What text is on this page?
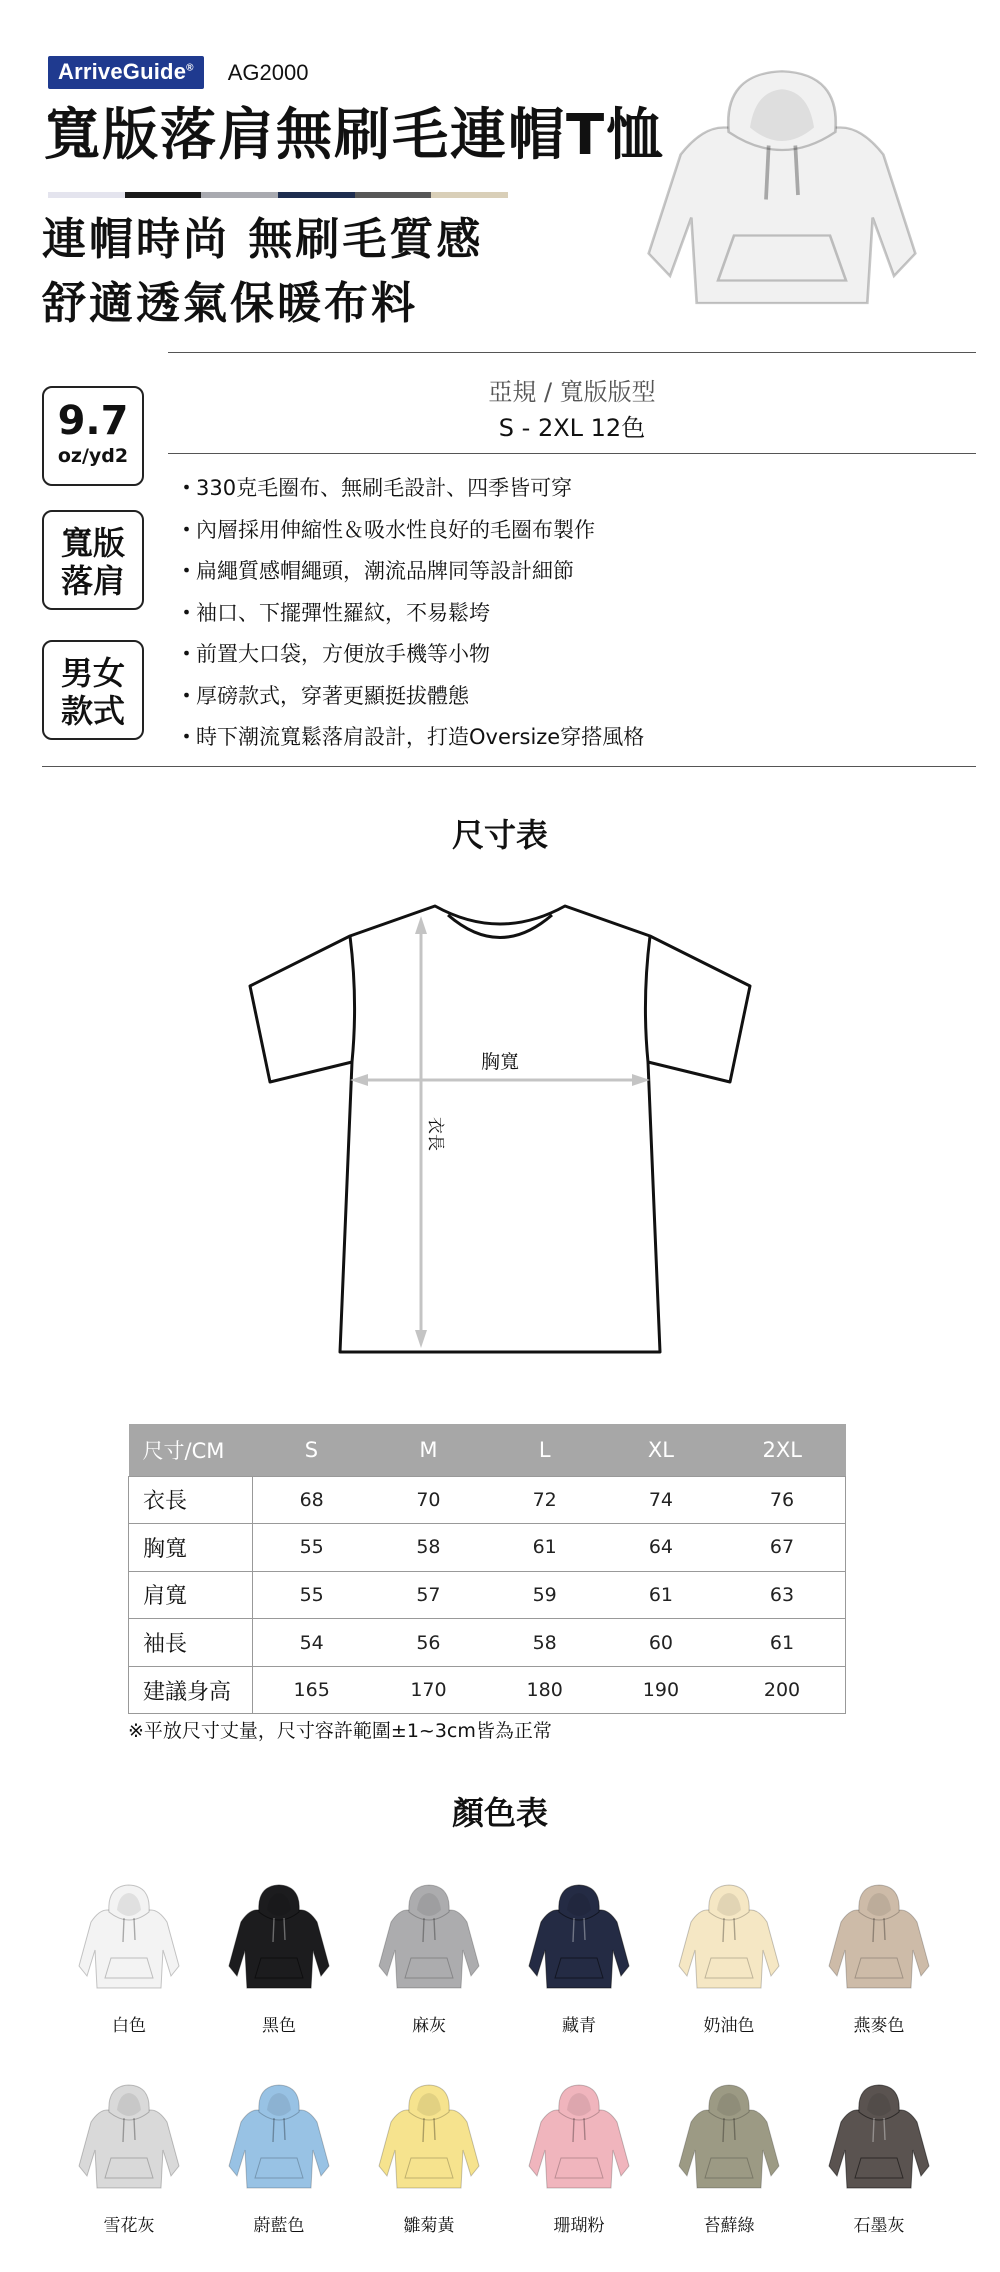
ArriveGuide®	AG2000
寬版落肩無刷毛連帽T恤
連帽時尚 無刷毛質感
舒適透氣保暖布料
亞規 / 寬版版型
S - 2XL 12色
9.7
oz/yd2
寬版
落肩
男女
款式
・330克毛圈布、無刷毛設計、四季皆可穿
・內層採用伸縮性＆吸水性良好的毛圈布製作
・扁繩質感帽繩頭，潮流品牌同等設計細節
・袖口、下擺彈性羅紋，不易鬆垮
・前置大口袋，方便放手機等小物
・厚磅款式，穿著更顯挺拔體態
・時下潮流寬鬆落肩設計，打造Oversize穿搭風格
尺寸表
胸寬
衣長
尺寸/CM	S	M	L	XL	2XL
衣長	68	70	72	74	76
胸寬	55	58	61	64	67
肩寬	55	57	59	61	63
袖長	54	56	58	60	61
建議身高	165	170	180	190	200
※平放尺寸丈量，尺寸容許範圍±1~3cm皆為正常
顏色表
白色	黑色	麻灰	藏青	奶油色	燕麥色
雪花灰	蔚藍色	雛菊黃	珊瑚粉	苔蘚綠	石墨灰
